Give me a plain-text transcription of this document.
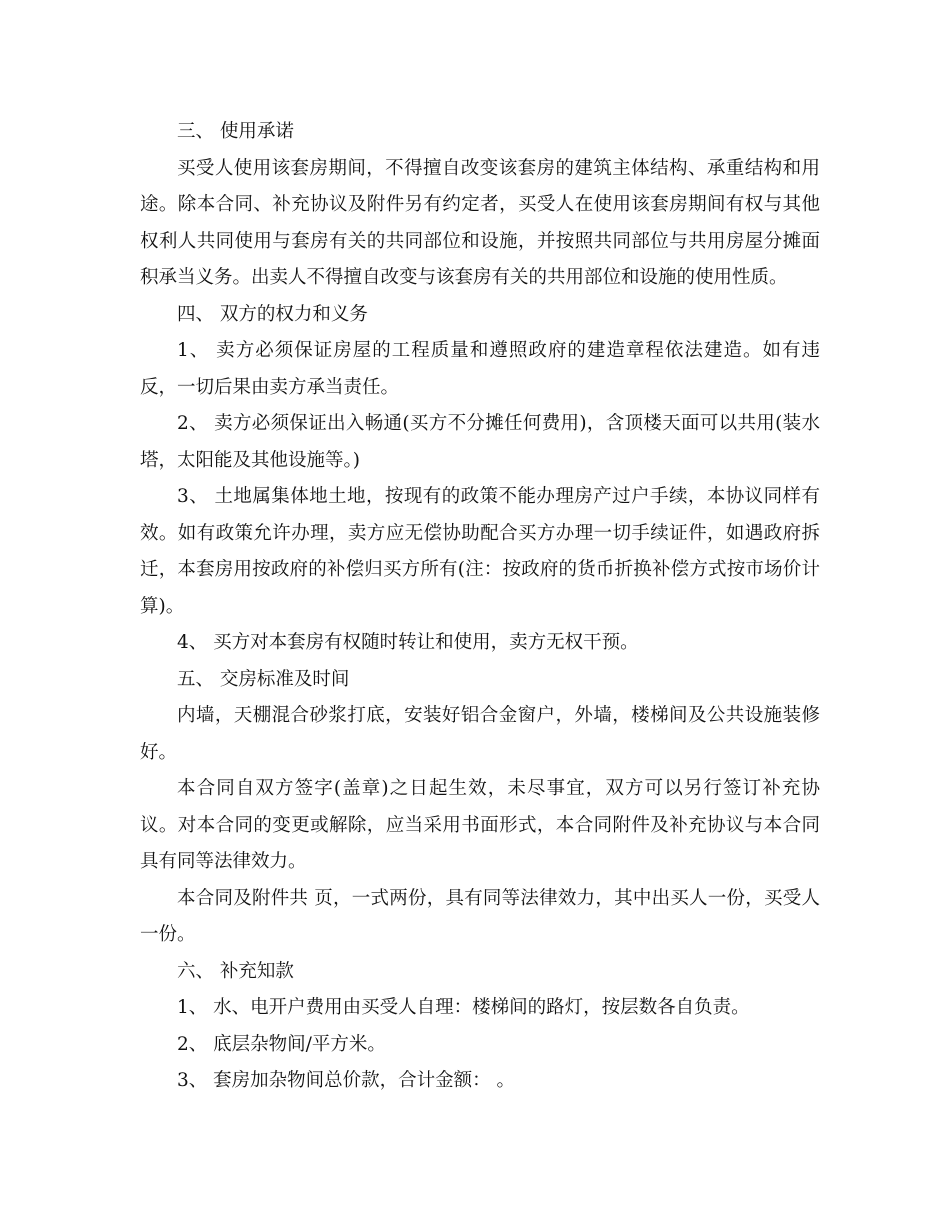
三、 使用承诺

买受人使用该套房期间，不得擅自改变该套房的建筑主体结构、承重结构和用途。除本合同、补充协议及附件另有约定者，买受人在使用该套房期间有权与其他权利人共同使用与套房有关的共同部位和设施，并按照共同部位与共用房屋分摊面积承当义务。出卖人不得擅自改变与该套房有关的共用部位和设施的使用性质。

四、 双方的权力和义务

1、 卖方必须保证房屋的工程质量和遵照政府的建造章程依法建造。如有违反，一切后果由卖方承当责任。

2、 卖方必须保证出入畅通(买方不分摊任何费用)，含顶楼天面可以共用(装水塔，太阳能及其他设施等。)

3、 土地属集体地土地，按现有的政策不能办理房产过户手续，本协议同样有效。如有政策允许办理，卖方应无偿协助配合买方办理一切手续证件，如遇政府拆迁，本套房用按政府的补偿归买方所有(注：按政府的货币折换补偿方式按市场价计算)。

4、 买方对本套房有权随时转让和使用，卖方无权干预。

五、 交房标准及时间

内墙，天棚混合砂浆打底，安装好铝合金窗户，外墙，楼梯间及公共设施装修好。

本合同自双方签字(盖章)之日起生效，未尽事宜，双方可以另行签订补充协议。对本合同的变更或解除，应当采用书面形式，本合同附件及补充协议与本合同具有同等法律效力。

本合同及附件共 页，一式两份，具有同等法律效力，其中出买人一份，买受人一份。

六、 补充知款

1、 水、电开户费用由买受人自理：楼梯间的路灯，按层数各自负责。

2、 底层杂物间/平方米。

3、 套房加杂物间总价款，合计金额： 。
